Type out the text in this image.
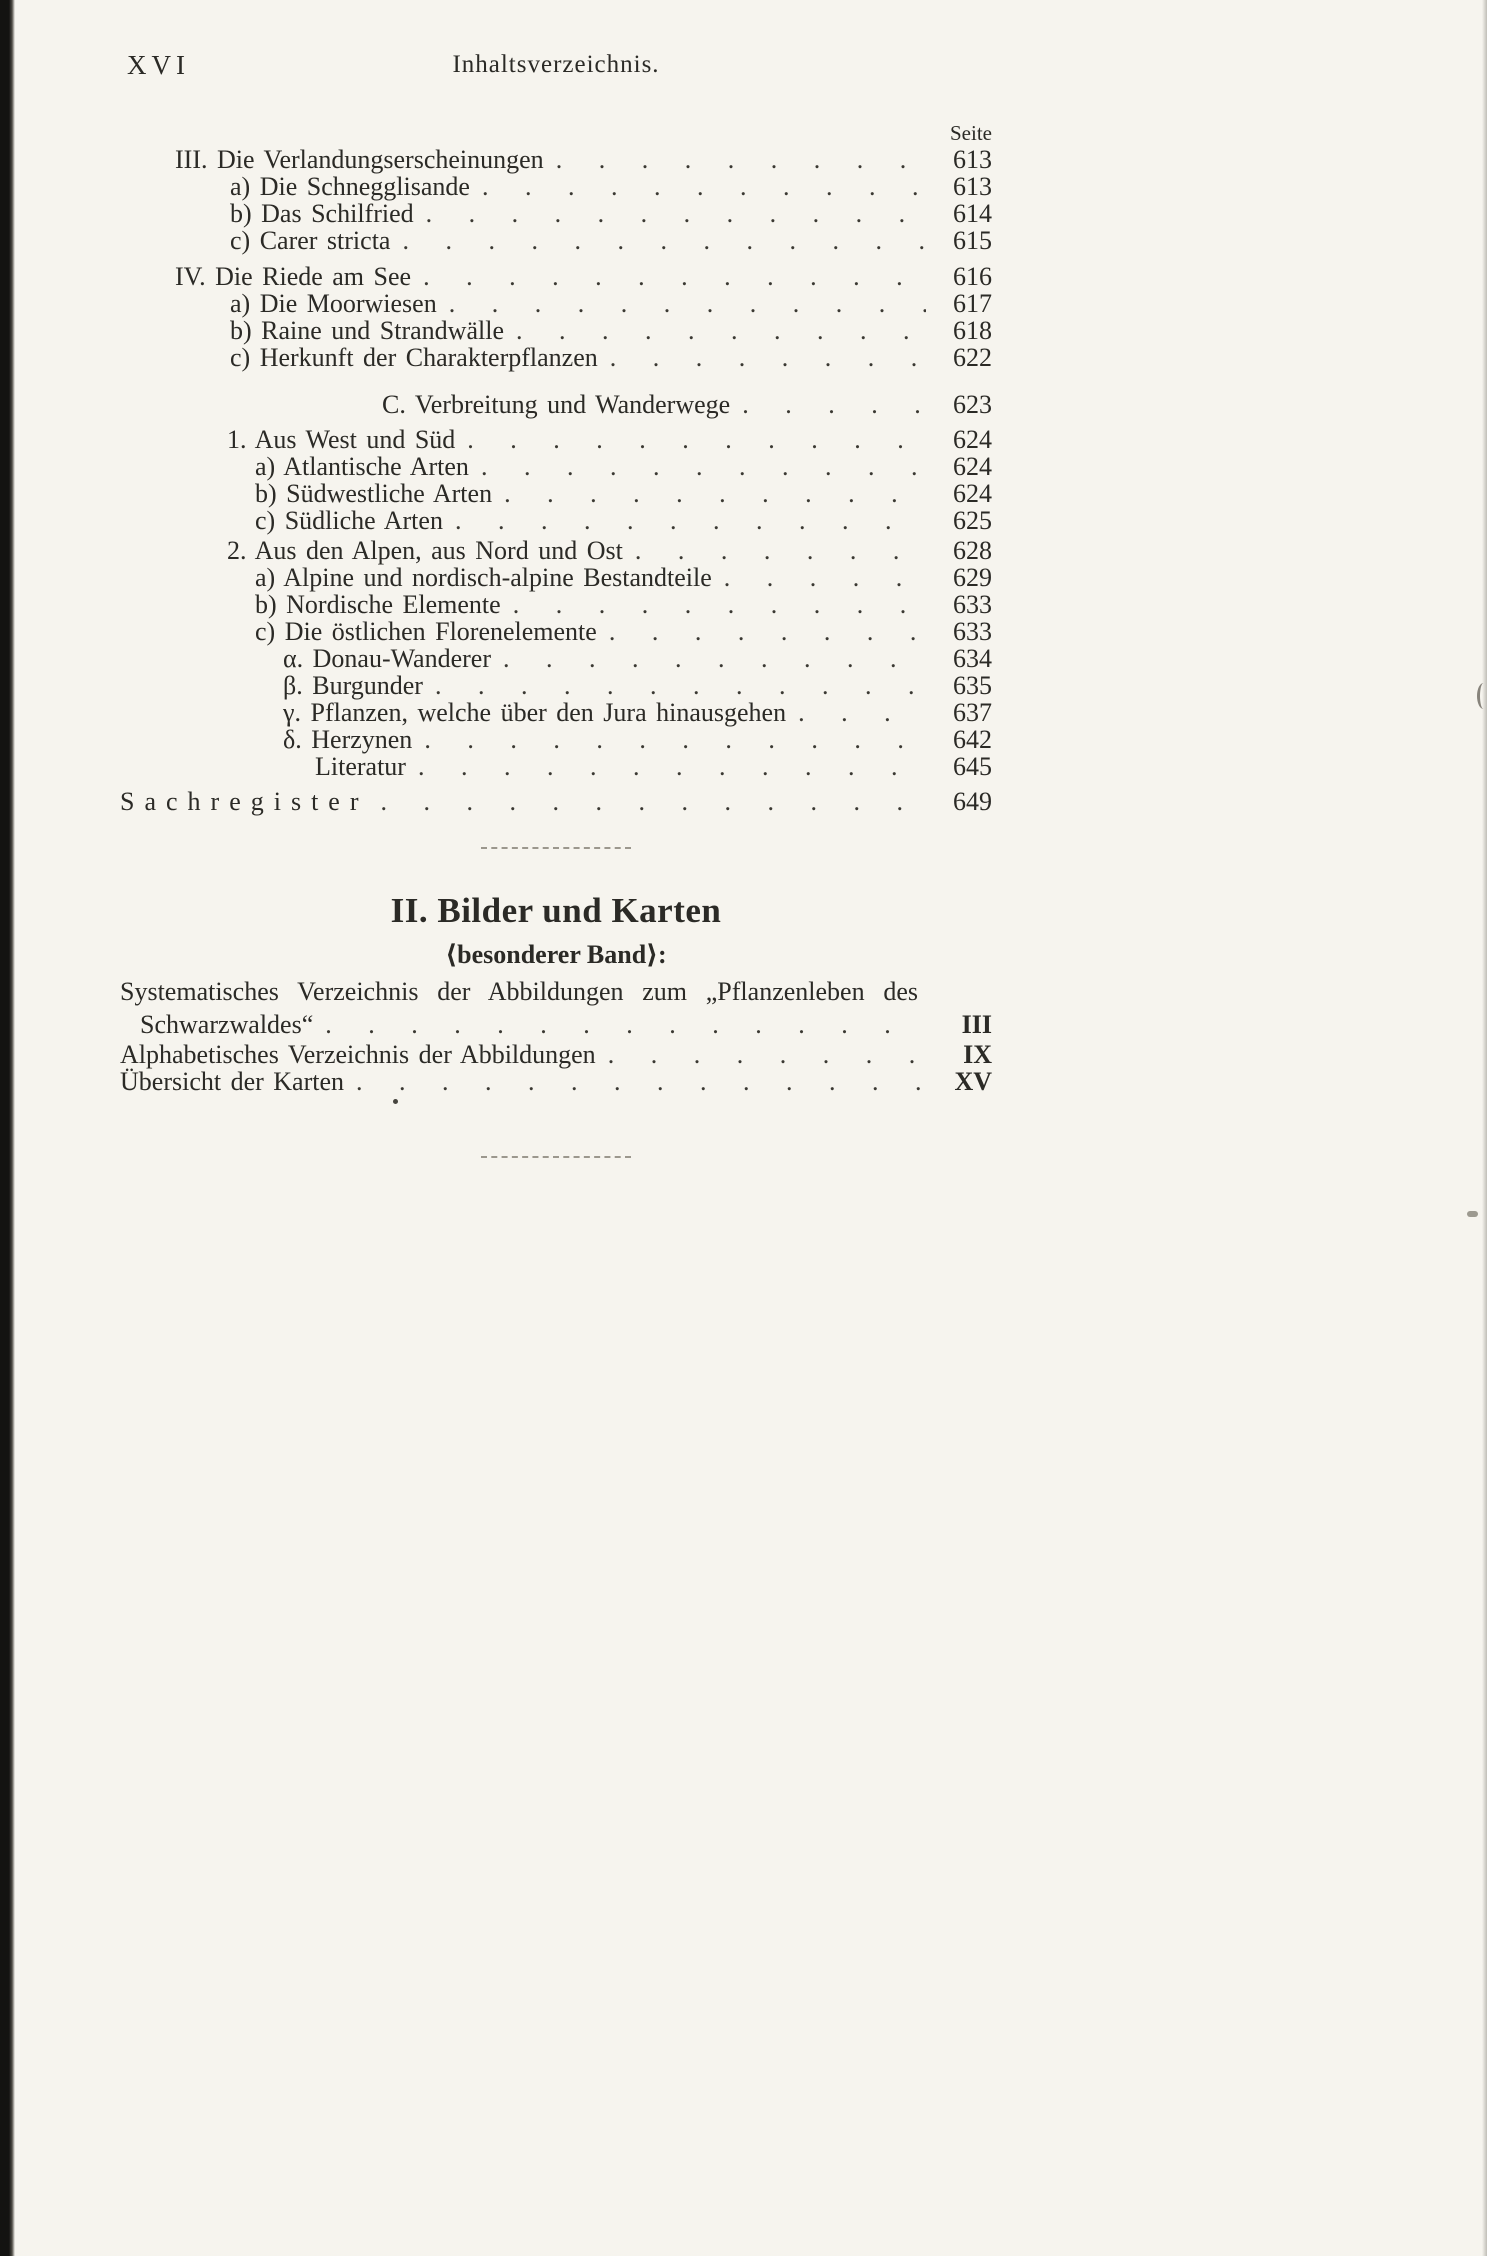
XVI	Inhaltsverzeichnis.
Seite
III. Die Verlandungserscheinungen . . .	613
a) Die Schnegglisande . . .	613
b) Das Schilfried . . .	614
c) Carer stricta . . .	615
IV. Die Riede am See . . .	616
a) Die Moorwiesen . . .	617
b) Raine und Strandwälle . . .	618
c) Herkunft der Charakterpflanzen . . .	622
C. Verbreitung und Wanderwege . . .	623
1. Aus West und Süd . . .	624
a) Atlantische Arten . . .	624
b) Südwestliche Arten . . .	624
c) Südliche Arten . . .	625
2. Aus den Alpen, aus Nord und Ost . . .	628
a) Alpine und nordisch-alpine Bestandteile . . .	629
b) Nordische Elemente . . .	633
c) Die östlichen Florenelemente . . .	633
α. Donau-Wanderer . . .	634
β. Burgunder . . .	635
γ. Pflanzen, welche über den Jura hinausgehen . . .	637
δ. Herzynen . . .	642
Literatur . . .	645
Sachregister . . .	649
II. Bilder und Karten
⟨besonderer Band⟩:
Systematisches Verzeichnis der Abbildungen zum „Pflanzenleben des
Schwarzwaldes“ . . .	III
Alphabetisches Verzeichnis der Abbildungen . . .	IX
Übersicht der Karten . . .	XV
